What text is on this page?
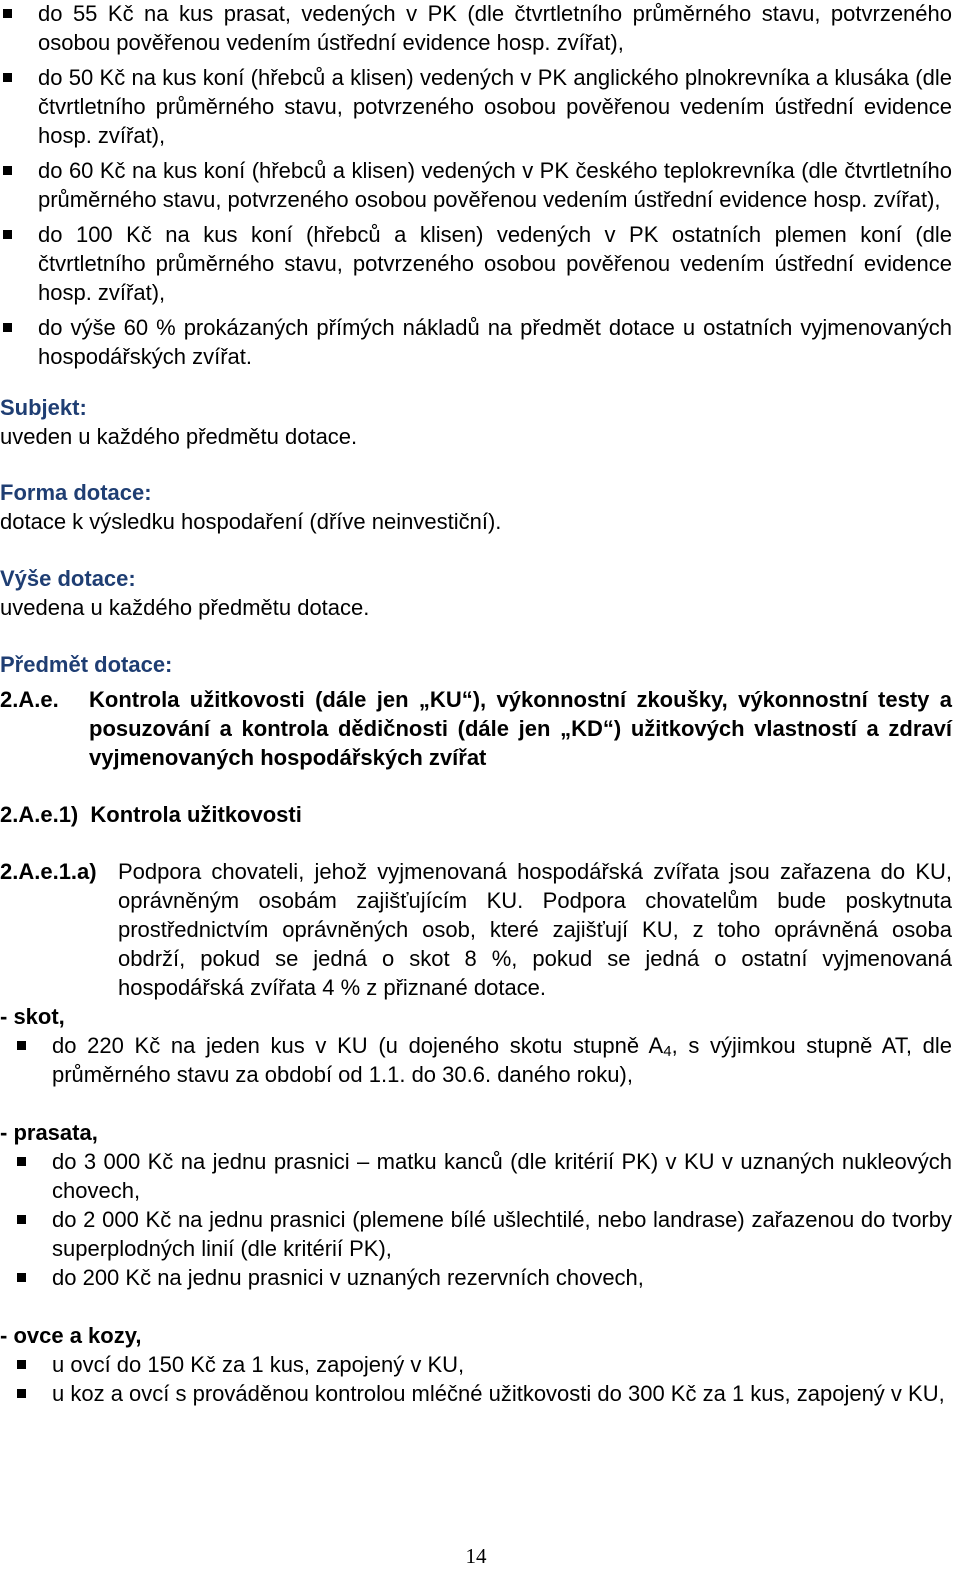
do 55 Kč na kus prasat, vedených v PK (dle čtvrtletního průměrného stavu, potvrzeného osobou pověřenou vedením ústřední evidence hosp. zvířat),
do 50 Kč na kus koní (hřebců a klisen) vedených v PK anglického plnokrevníka a klusáka (dle čtvrtletního průměrného stavu, potvrzeného osobou pověřenou vedením ústřední evidence hosp. zvířat),
do 60 Kč na kus koní (hřebců a klisen) vedených v PK českého teplokrevníka (dle čtvrtletního průměrného stavu, potvrzeného osobou pověřenou vedením ústřední evidence hosp. zvířat),
do 100 Kč na kus koní (hřebců a klisen) vedených v PK ostatních plemen koní (dle čtvrtletního průměrného stavu, potvrzeného osobou pověřenou vedením ústřední evidence hosp. zvířat),
do výše 60 % prokázaných přímých nákladů na předmět dotace u ostatních vyjmenovaných hospodářských zvířat.
Subjekt:
uveden u každého předmětu dotace.
Forma dotace:
dotace k výsledku hospodaření (dříve neinvestiční).
Výše dotace:
uvedena u každého předmětu dotace.
Předmět dotace:
2.A.e. Kontrola užitkovosti (dále jen „KU“), výkonnostní zkoušky, výkonnostní testy a posuzování a kontrola dědičnosti (dále jen „KD“) užitkových vlastností a zdraví vyjmenovaných hospodářských zvířat
2.A.e.1) Kontrola užitkovosti
2.A.e.1.a) Podpora chovateli, jehož vyjmenovaná hospodářská zvířata jsou zařazena do KU, oprávněným osobám zajišťujícím KU. Podpora chovatelům bude poskytnuta prostřednictvím oprávněných osob, které zajišťují KU, z toho oprávněná osoba obdrží, pokud se jedná o skot 8 %, pokud se jedná o ostatní vyjmenovaná hospodářská zvířata 4 % z přiznané dotace.
- skot,
do 220 Kč na jeden kus v KU (u dojeného skotu stupně $A_4$, s výjimkou stupně AT, dle průměrného stavu za období od 1.1. do 30.6. daného roku),
- prasata,
do 3 000 Kč na jednu prasnici – matku kanců (dle kritérií PK) v KU v uznaných nukleových chovech,
do 2 000 Kč na jednu prasnici (plemene bílé ušlechtilé, nebo landrase) zařazenou do tvorby superplodných linií (dle kritérií PK),
do 200 Kč na jednu prasnici v uznaných rezervních chovech,
- ovce a kozy,
u ovcí do 150 Kč za 1 kus, zapojený v KU,
u koz a ovcí s prováděnou kontrolou mléčné užitkovosti do 300 Kč za 1 kus, zapojený v KU,
14
